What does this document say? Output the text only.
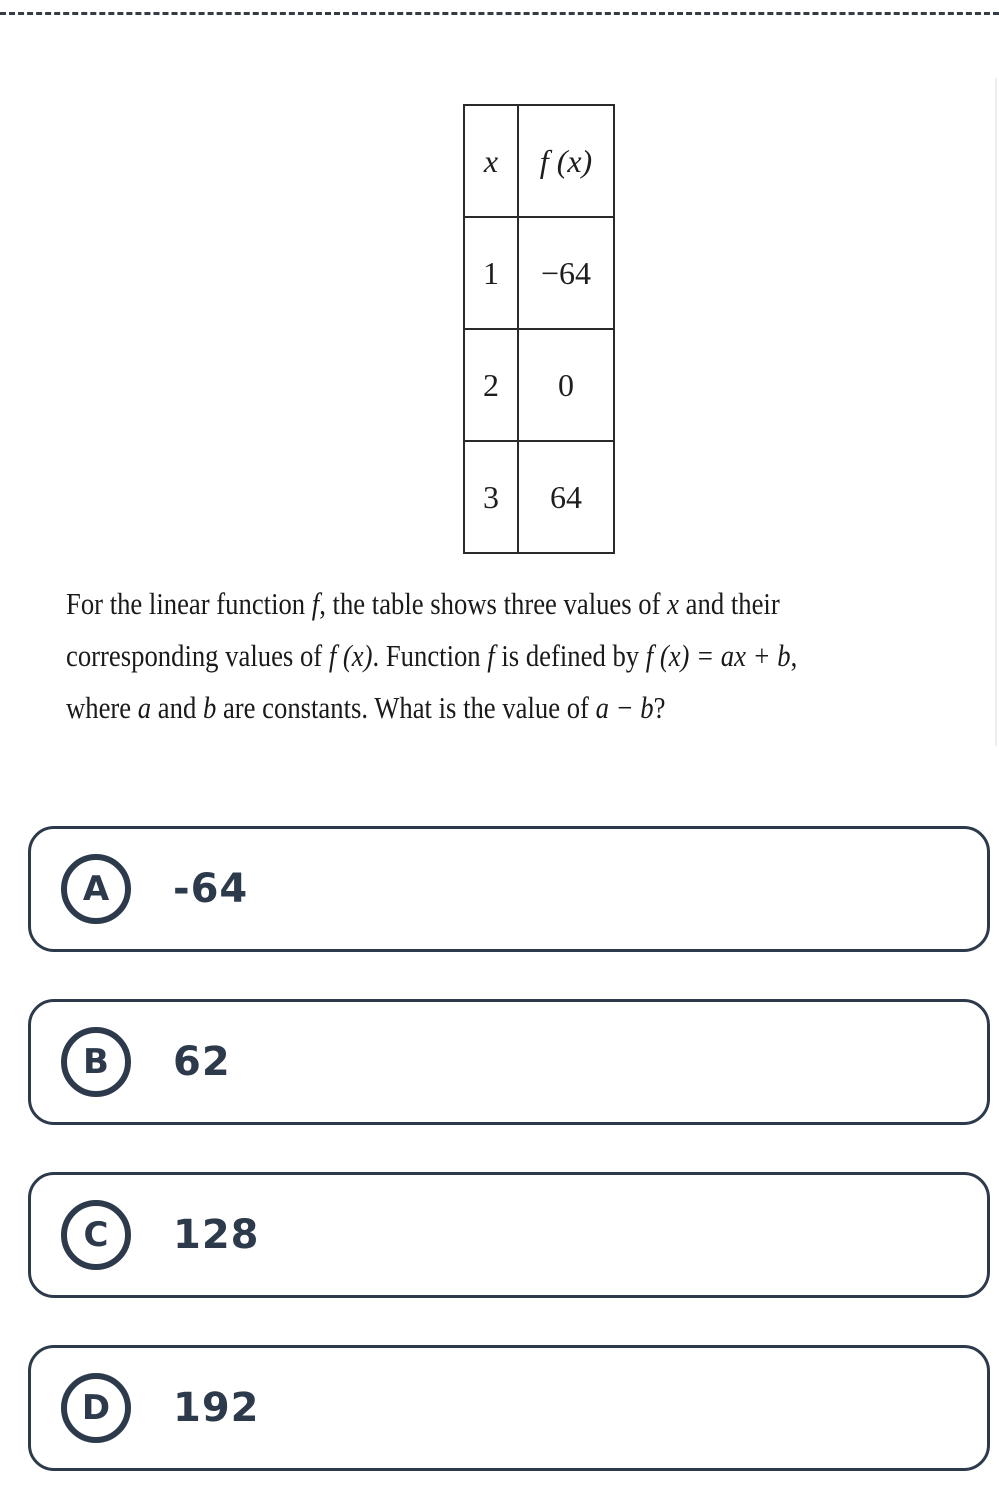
x	f (x)
1	−64
2	0
3	64
For the linear function f, the table shows three values of x and their
corresponding values of f (x). Function f is defined by f (x) = ax + b,
where a and b are constants. What is the value of a − b?
A	-64
B	62
C	128
D	192
